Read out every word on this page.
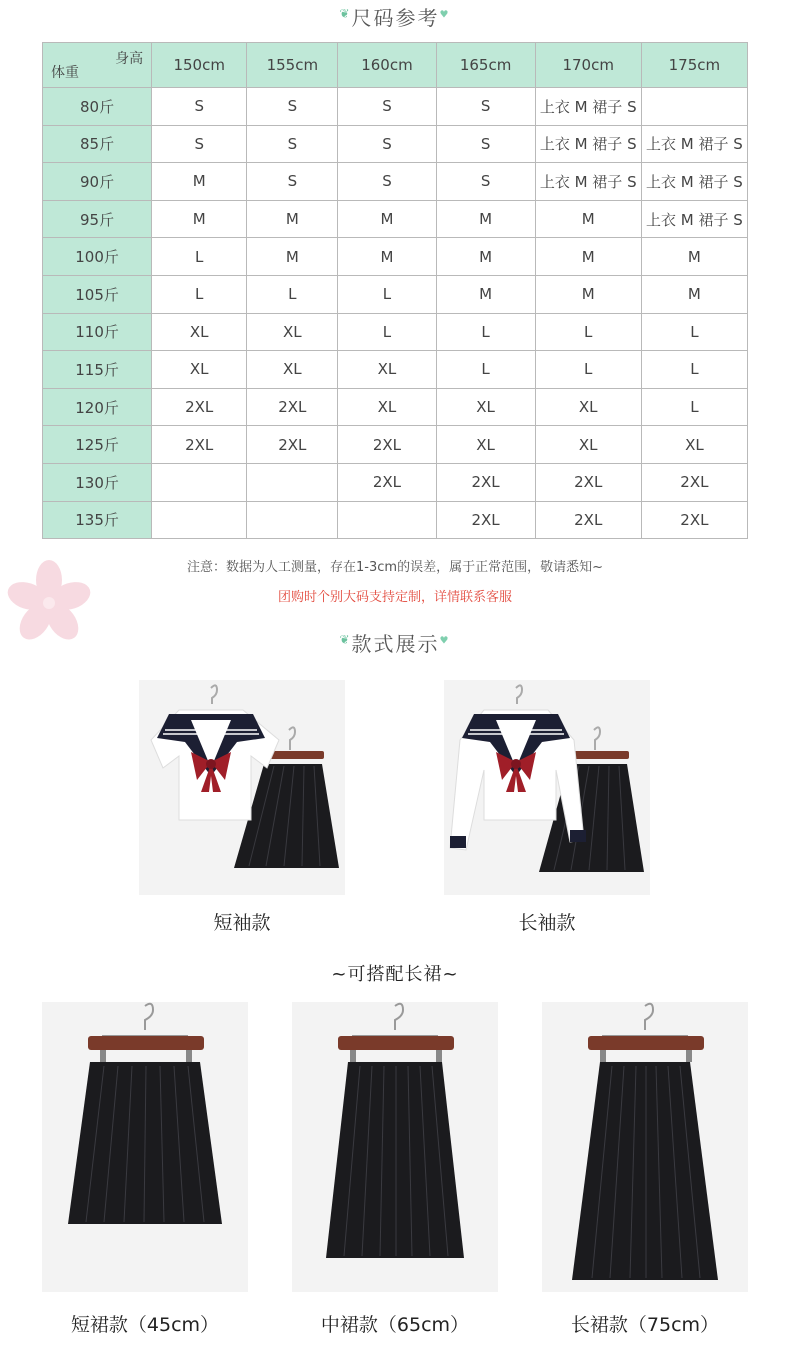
❦尺码参考♥
身高
体重	150cm	155cm	160cm	165cm	170cm	175cm
80斤	S	S	S	S	上衣 M 裙子 S	
85斤	S	S	S	S	上衣 M 裙子 S	上衣 M 裙子 S
90斤	M	S	S	S	上衣 M 裙子 S	上衣 M 裙子 S
95斤	M	M	M	M	M	上衣 M 裙子 S
100斤	L	M	M	M	M	M
105斤	L	L	L	M	M	M
110斤	XL	XL	L	L	L	L
115斤	XL	XL	XL	L	L	L
120斤	2XL	2XL	XL	XL	XL	L
125斤	2XL	2XL	2XL	XL	XL	XL
130斤			2XL	2XL	2XL	2XL
135斤				2XL	2XL	2XL
注意：数据为人工测量，存在1-3cm的误差，属于正常范围，敬请悉知~
团购时个别大码支持定制，详情联系客服
❦款式展示♥
短袖款	长袖款
~可搭配长裙~
短裙款（45cm）	中裙款（65cm）	长裙款（75cm）
